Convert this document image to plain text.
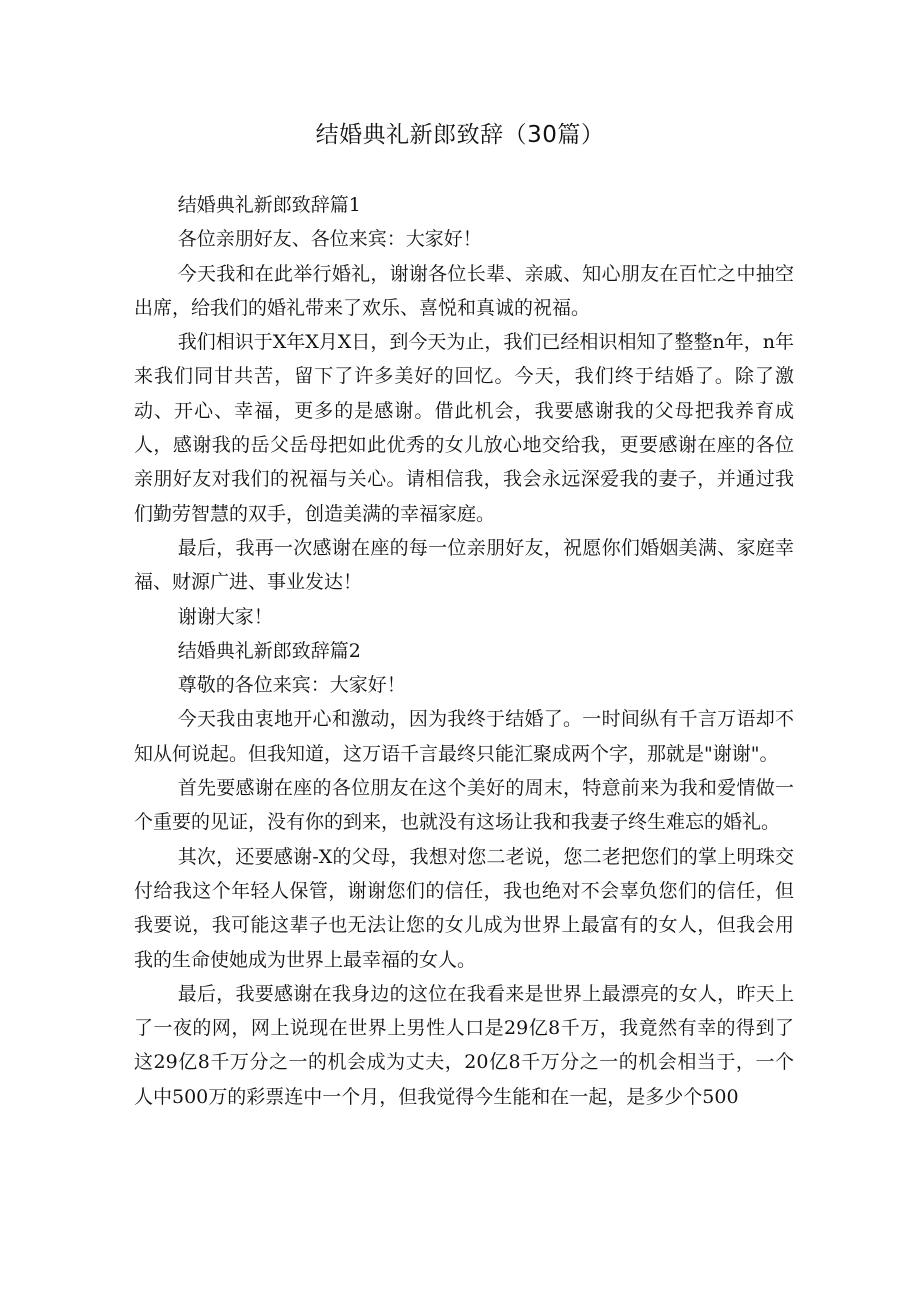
结婚典礼新郎致辞（30篇）

结婚典礼新郎致辞篇1

各位亲朋好友、各位来宾：大家好！

今天我和在此举行婚礼，谢谢各位长辈、亲戚、知心朋友在百忙之中抽空出席，给我们的婚礼带来了欢乐、喜悦和真诚的祝福。

我们相识于X年X月X日，到今天为止，我们已经相识相知了整整n年，n年来我们同甘共苦，留下了许多美好的回忆。今天，我们终于结婚了。除了激动、开心、幸福，更多的是感谢。借此机会，我要感谢我的父母把我养育成人，感谢我的岳父岳母把如此优秀的女儿放心地交给我，更要感谢在座的各位亲朋好友对我们的祝福与关心。请相信我，我会永远深爱我的妻子，并通过我们勤劳智慧的双手，创造美满的幸福家庭。

最后，我再一次感谢在座的每一位亲朋好友，祝愿你们婚姻美满、家庭幸福、财源广进、事业发达！

谢谢大家！

结婚典礼新郎致辞篇2

尊敬的各位来宾：大家好！

今天我由衷地开心和激动，因为我终于结婚了。一时间纵有千言万语却不知从何说起。但我知道，这万语千言最终只能汇聚成两个字，那就是"谢谢"。

首先要感谢在座的各位朋友在这个美好的周末，特意前来为我和爱情做一个重要的见证，没有你的到来，也就没有这场让我和我妻子终生难忘的婚礼。

其次，还要感谢-X的父母，我想对您二老说，您二老把您们的掌上明珠交付给我这个年轻人保管，谢谢您们的信任，我也绝对不会辜负您们的信任，但我要说，我可能这辈子也无法让您的女儿成为世界上最富有的女人，但我会用我的生命使她成为世界上最幸福的女人。

最后，我要感谢在我身边的这位在我看来是世界上最漂亮的女人，昨天上了一夜的网，网上说现在世界上男性人口是29亿8千万，我竟然有幸的得到了这29亿8千万分之一的机会成为丈夫，20亿8千万分之一的机会相当于，一个人中500万的彩票连中一个月，但我觉得今生能和在一起，是多少个500
